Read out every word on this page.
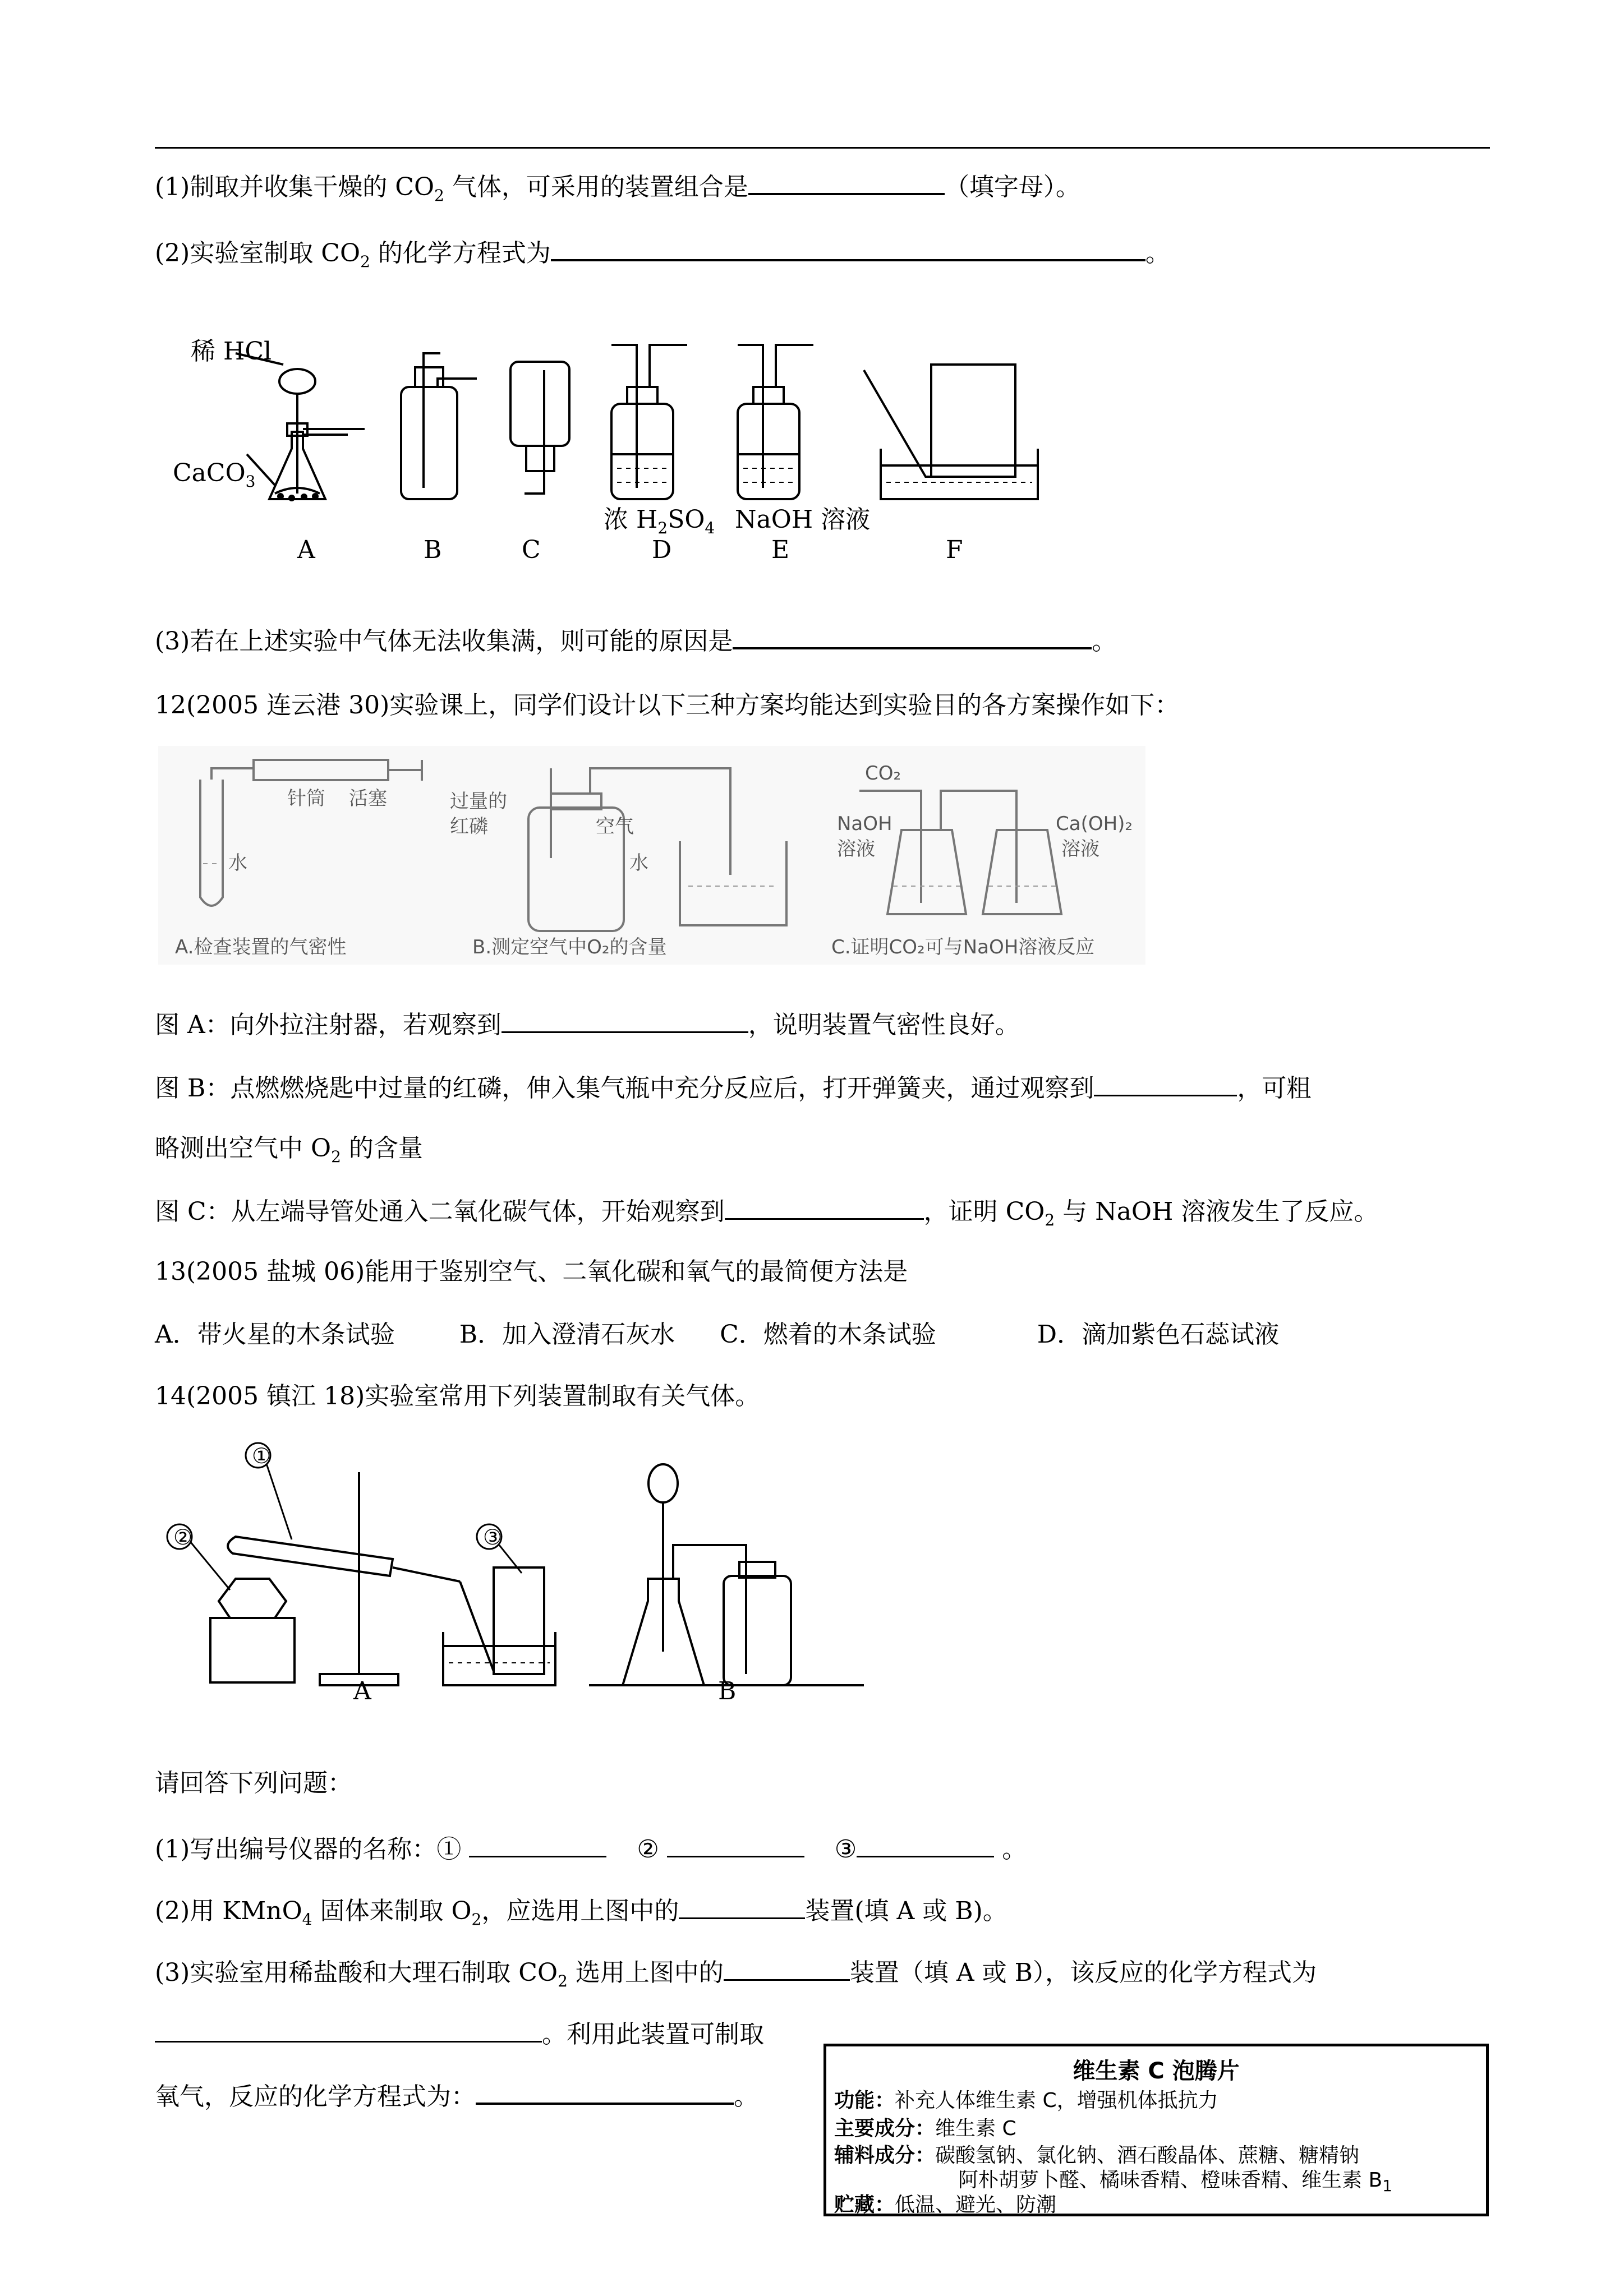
(1)制取并收集干燥的 $CO_2$ 气体，可采用的装置组合是	（填字母）。
(2)实验室制取 $CO_2$ 的化学方程式为	。
稀 HCl
CaCO$_3$
浓 $H_2SO_4$ NaOH 溶液
A	B	C	D	E	F
(3)若在上述实验中气体无法收集满，则可能的原因是	。
12(2005 连云港 30)实验课上，同学们设计以下三种方案均能达到实验目的各方案操作如下：
针筒 活塞
水
过量的
红磷	空气
水
CO₂
NaOH
溶液
Ca(OH)₂
溶液
A.检查装置的气密性	B.测定空气中O₂的含量	C.证明CO₂可与NaOH溶液反应
图 A：向外拉注射器，若观察到	，说明装置气密性良好。
图 B：点燃燃烧匙中过量的红磷，伸入集气瓶中充分反应后，打开弹簧夹，通过观察到	，可粗
略测出空气中 $O_2$ 的含量
图 C：从左端导管处通入二氧化碳气体，开始观察到	，证明 $CO_2$ 与 NaOH 溶液发生了反应。
13(2005 盐城 06)能用于鉴别空气、二氧化碳和氧气的最简便方法是
A．带火星的木条试验	B．加入澄清石灰水 C．燃着的木条试验	D．滴加紫色石蕊试液
14(2005 镇江 18)实验室常用下列装置制取有关气体。
①
②	③
A	B
请回答下列问题：
(1)写出编号仪器的名称：①	②	③	。
(2)用 KMnO$_4$ 固体来制取 $O_2$，应选用上图中的	装置(填 A 或 B)。
(3)实验室用稀盐酸和大理石制取 $CO_2$ 选用上图中的	装置（填 A 或 B），该反应的化学方程式为
。利用此装置可制取
氧气，反应的化学方程式为：	。
维生素 C 泡腾片
功能：补充人体维生素 C，增强机体抵抗力
主要成分：维生素 C
辅料成分：碳酸氢钠、氯化钠、酒石酸晶体、蔗糖、糖精钠
阿朴胡萝卜醛、橘味香精、橙味香精、维生素 $B_1$
贮藏：低温、避光、防潮
